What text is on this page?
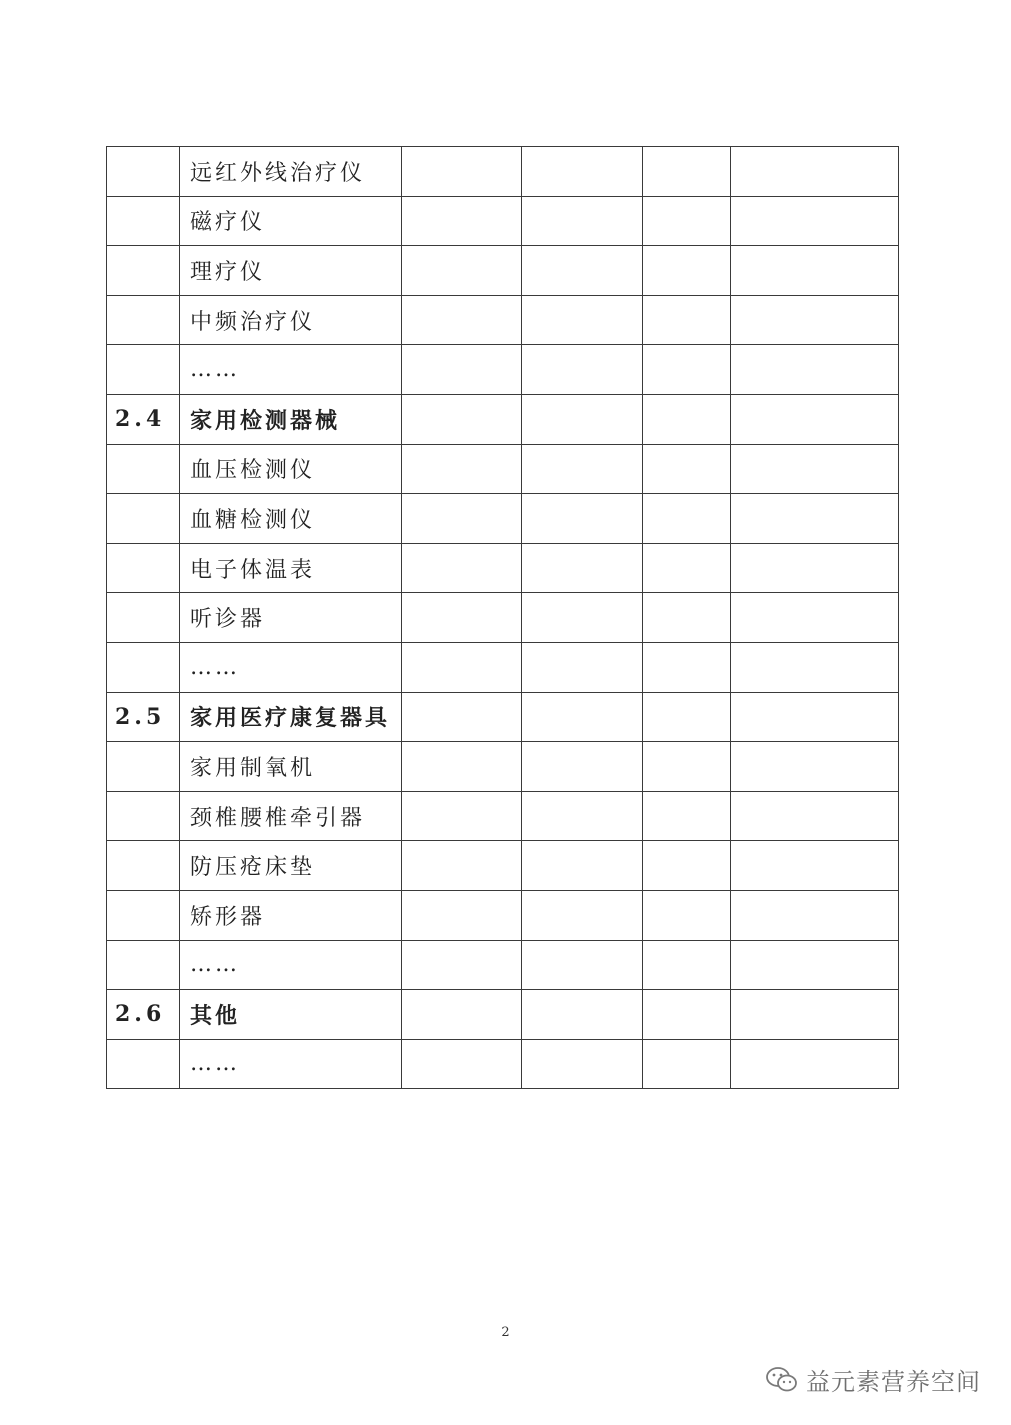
	远红外线治疗仪				
	磁疗仪				
	理疗仪				
	中频治疗仪				
	……				
2.4	家用检测器械				
	血压检测仪				
	血糖检测仪				
	电子体温表				
	听诊器				
	……				
2.5	家用医疗康复器具				
	家用制氧机				
	颈椎腰椎牵引器				
	防压疮床垫				
	矫形器				
	……				
2.6	其他				
	……				
2
益元素营养空间
